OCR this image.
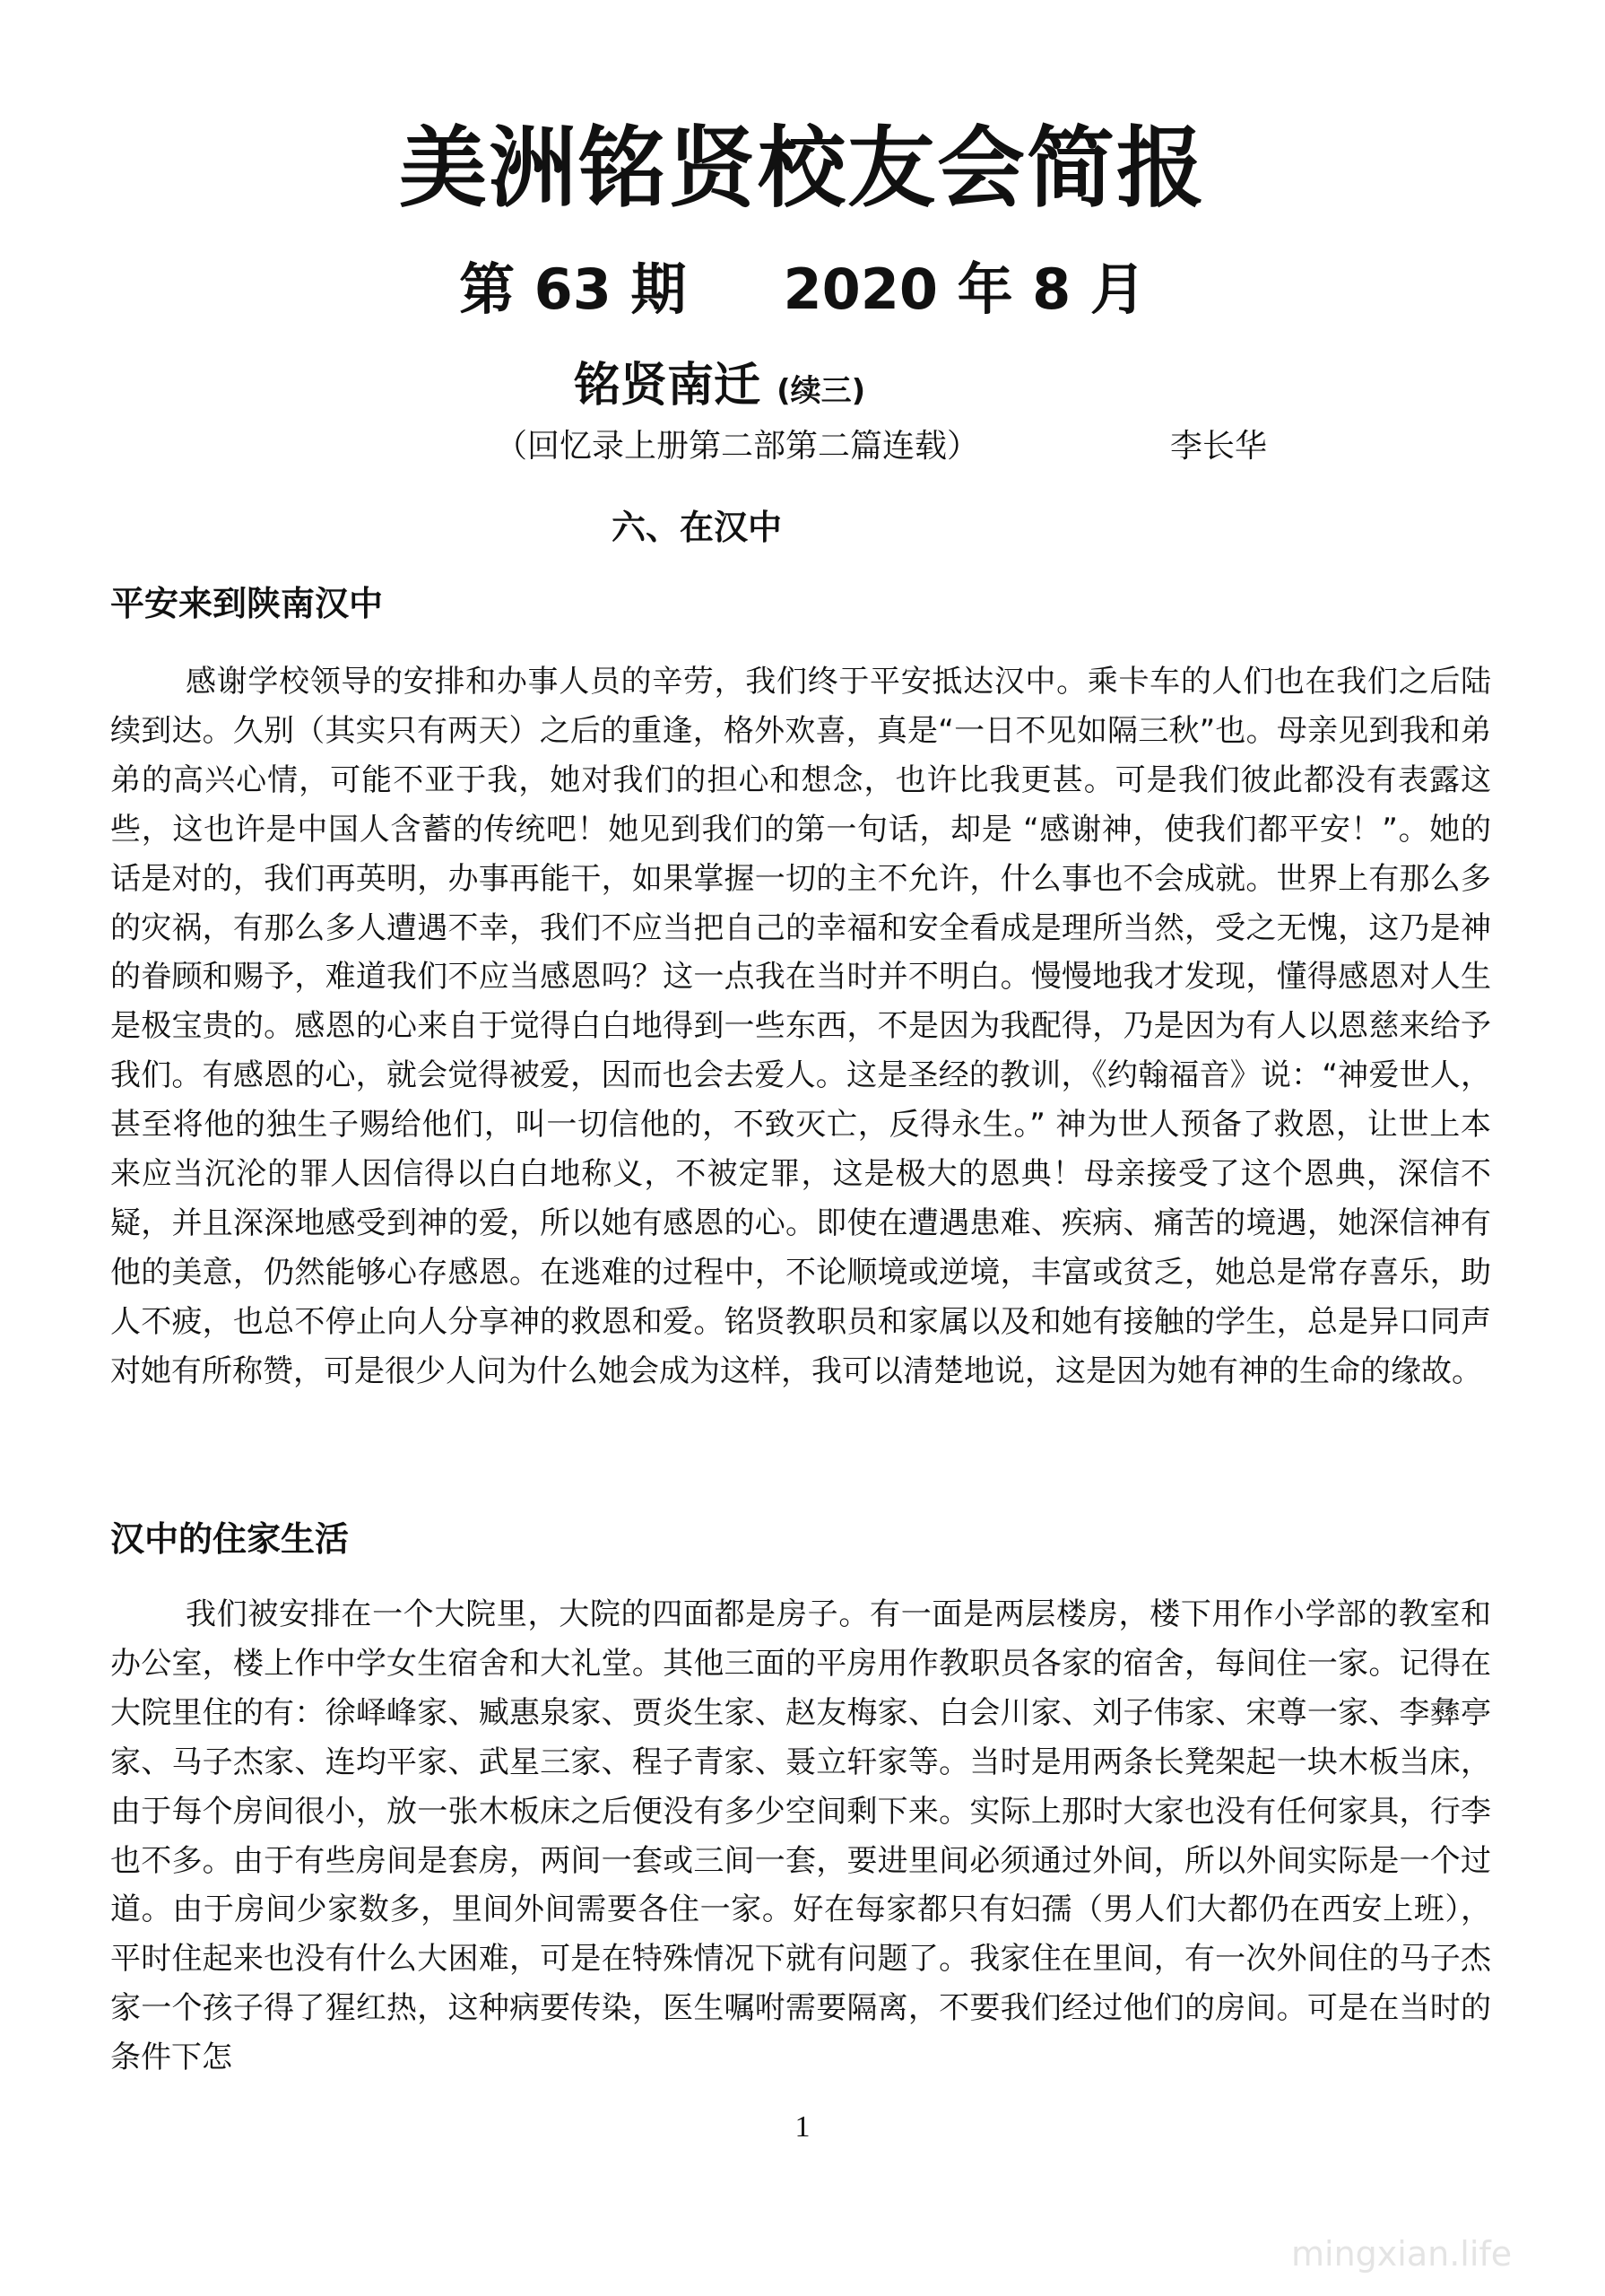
美洲铭贤校友会简报
第 63 期     2020 年 8 月
铭贤南迁 (续三)
（回忆录上册第二部第二篇连载）	李长华
六、在汉中
平安来到陕南汉中

感谢学校领导的安排和办事人员的辛劳，我们终于平安抵达汉中。乘卡车的人们也在我们之后陆续到达。久别（其实只有两天）之后的重逢，格外欢喜，真是“一日不见如隔三秋”也。母亲见到我和弟弟的高兴心情，可能不亚于我，她对我们的担心和想念，也许比我更甚。可是我们彼此都没有表露这些，这也许是中国人含蓄的传统吧！她见到我们的第一句话，却是 “感谢神，使我们都平安！”。她的话是对的，我们再英明，办事再能干，如果掌握一切的主不允许，什么事也不会成就。世界上有那么多的灾祸，有那么多人遭遇不幸，我们不应当把自己的幸福和安全看成是理所当然，受之无愧，这乃是神的眷顾和赐予，难道我们不应当感恩吗？这一点我在当时并不明白。慢慢地我才发现，懂得感恩对人生是极宝贵的。感恩的心来自于觉得白白地得到一些东西，不是因为我配得，乃是因为有人以恩慈来给予我们。有感恩的心，就会觉得被爱，因而也会去爱人。这是圣经的教训，《约翰福音》说：“神爱世人，甚至将他的独生子赐给他们，叫一切信他的，不致灭亡，反得永生。” 神为世人预备了救恩，让世上本来应当沉沦的罪人因信得以白白地称义，不被定罪，这是极大的恩典！母亲接受了这个恩典，深信不疑，并且深深地感受到神的爱，所以她有感恩的心。即使在遭遇患难、疾病、痛苦的境遇，她深信神有他的美意，仍然能够心存感恩。在逃难的过程中，不论顺境或逆境，丰富或贫乏，她总是常存喜乐，助人不疲，也总不停止向人分享神的救恩和爱。铭贤教职员和家属以及和她有接触的学生，总是异口同声对她有所称赞，可是很少人问为什么她会成为这样，我可以清楚地说，这是因为她有神的生命的缘故。

汉中的住家生活

我们被安排在一个大院里，大院的四面都是房子。有一面是两层楼房，楼下用作小学部的教室和办公室，楼上作中学女生宿舍和大礼堂。其他三面的平房用作教职员各家的宿舍，每间住一家。记得在大院里住的有：徐峄峰家、臧惠泉家、贾炎生家、赵友梅家、白会川家、刘子伟家、宋尊一家、李彝亭家、马子杰家、连均平家、武星三家、程子青家、聂立轩家等。当时是用两条长凳架起一块木板当床，由于每个房间很小，放一张木板床之后便没有多少空间剩下来。实际上那时大家也没有任何家具，行李也不多。由于有些房间是套房，两间一套或三间一套，要进里间必须通过外间，所以外间实际是一个过道。由于房间少家数多，里间外间需要各住一家。好在每家都只有妇孺（男人们大都仍在西安上班），平时住起来也没有什么大困难，可是在特殊情况下就有问题了。我家住在里间，有一次外间住的马子杰家一个孩子得了猩红热，这种病要传染，医生嘱咐需要隔离，不要我们经过他们的房间。可是在当时的条件下怎

1
mingxian.life
